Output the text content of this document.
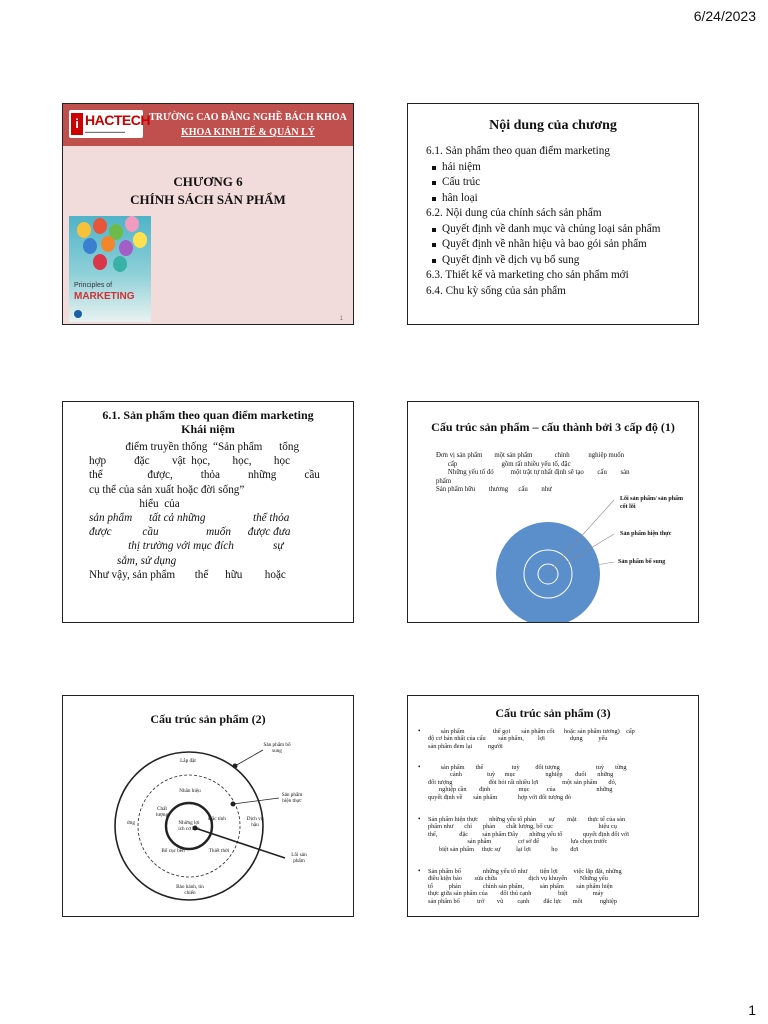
6/24/2023
i HACTECH
▬▬▬▬▬▬▬▬▬▬
TRƯỜNG CAO ĐẲNG NGHỀ BÁCH KHOA
KHOA KINH TẾ & QUẢN LÝ
CHƯƠNG 6
CHÍNH SÁCH SẢN PHẨM
Principles of
MARKETING
1
Nội dung của chương
6.1. Sản phẩm theo quan điểm marketing
hái niệm
Cấu trúc
hân loại
6.2. Nội dung của chính sách sản phẩm
Quyết định về danh mục và chủng loại sản phẩm
Quyết định về nhãn hiệu và bao gói sản phẩm
Quyết định về dịch vụ bổ sung
6.3. Thiết kế và marketing cho sản phẩm mới
6.4. Chu kỳ sống của sản phẩm
6.1. Sản phẩm theo quan điểm marketing
Khái niệm
điểm truyền thống  “Sản phẩm      tổng
hợp          đặc        vật  học,        học,        học
thể                được,          thỏa          những          cầu
cụ thể của sản xuất hoặc đời sống”
hiểu  của
sản phẩm      tất cả những                 thể thỏa
được           cầu                 muốn      được đưa
thị trường với mục đích              sự
sắm, sử dụng
Như vậy, sản phẩm       thể      hữu        hoặc
Cấu trúc sản phẩm – cấu thành bởi 3 cấp độ (1)
Đơn vị sản phẩm       một sản phẩm             chỉnh           nghiệp muốn
cấp                          gồm rất nhiều yếu tố, đặc
Những yếu tố đó          một trật tự nhất định sẽ tạo        cấu        sản
phẩm
Sản phẩm hữu        thương      cấu        như
Lõi sản phẩm/ sản phẩm cốt lõi
Sản phẩm hiện thực
Sản phẩm bổ sung
Cấu trúc sản phẩm (2)
Sản phẩm bổ sung
Sản phẩm hiện thực
Lõi sản phẩm
Lắp đặt
Nhãn hiệu
Chất lượng
Những lợi ích cơ bản
Đặc tính
Bố cục bên	Thiết thời
Dịch vụ hậu
Bảo hành, tín chiến
ứng
Cấu trúc sản phẩm (3)
•	sản phẩm                  thể gọi       sản phẩm cốt      hoặc sản phẩm tương)    cấp
độ cơ bản nhất của cấu        sản phẩm,         lợi                dụng          yếu
sản phẩm đem lại          người
•	sản phẩm       thể                  tuỳ          đối tượng                       tuỳ       từng
cảnh                tuỳ      mục                   nghiệp        đuổi       những
đối tượng                       đòi hỏi rất nhiều lợi               một sản phẩm       đó,
nghiệp cần        định                  mục           của                          những
quyết định về       sản phẩm             hợp với đối tượng đó
•	Sản phẩm hiện thực       những yếu tố phản        sự        mặt       thực tế của sản
phẩm như       chỉ       phản       chất lượng, bố cục                             hiệu cụ
thể,              đặc         sản phẩm Đây       những yếu tố             quyết định đối với
sản phẩm                 cơ sở để                    lựa chọn trước
biệt sản phẩm     thực sự          lại lợi             họ        đợi
•	Sản phẩm bổ              những yếu tố như        tiện lợi          việc lắp đặt, những
điều kiện bảo        sửa chữa                    dịch vụ khuyến        Những yếu
tố          phản              chỉnh sản phẩm,          sản phẩm        sản phẩm hiện
thực giữa sản phẩm của        đối thủ cạnh                 biệt                máy
sản phẩm bổ           trở        vũ         cạnh         đắc lực       mỗi           nghiệp
1
